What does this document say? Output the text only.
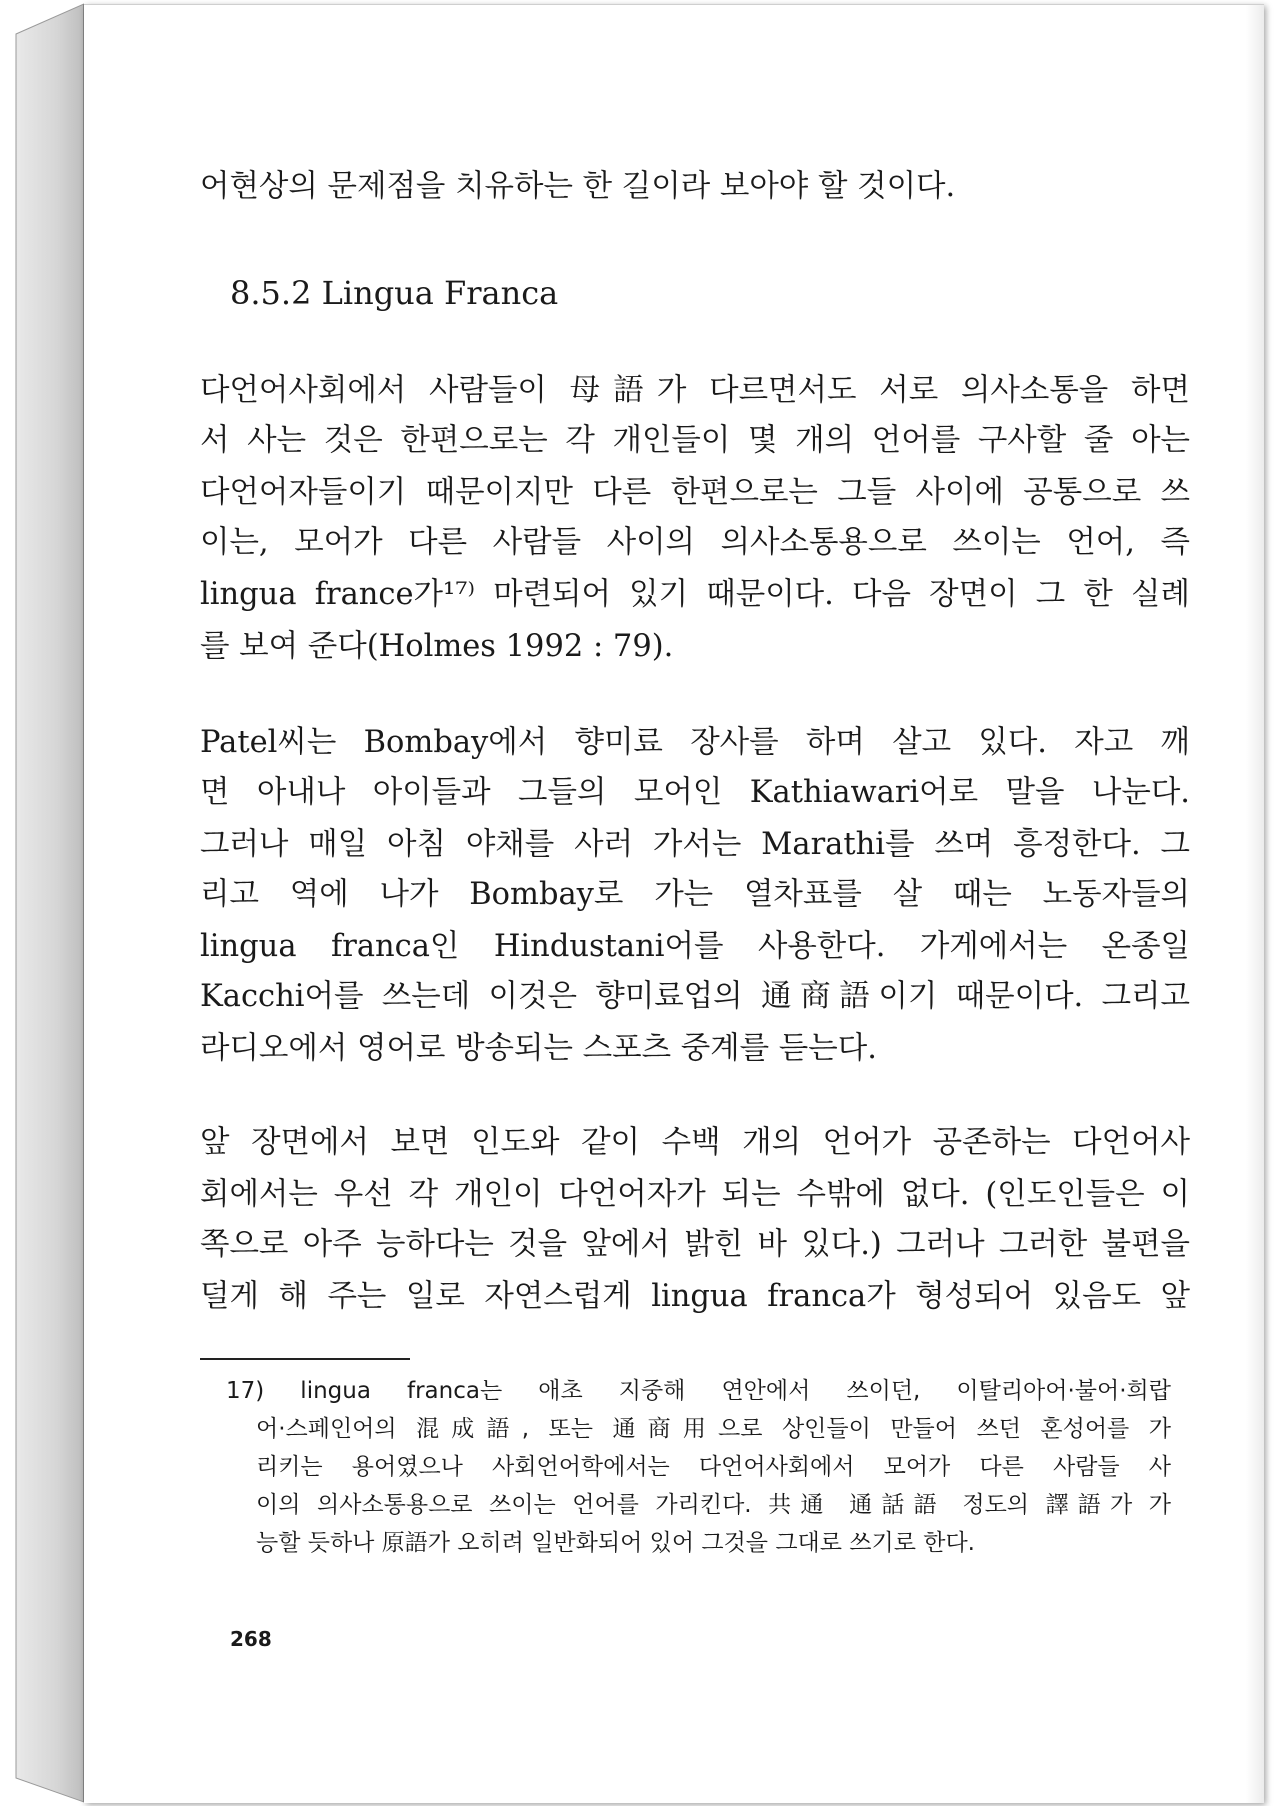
어현상의 문제점을 치유하는 한 길이라 보아야 할 것이다.
8.5.2 Lingua Franca
다언어사회에서 사람들이 母語가 다르면서도 서로 의사소통을 하면
서 사는 것은 한편으로는 각 개인들이 몇 개의 언어를 구사할 줄 아는
다언어자들이기 때문이지만 다른 한편으로는 그들 사이에 공통으로 쓰
이는, 모어가 다른 사람들 사이의 의사소통용으로 쓰이는 언어, 즉
lingua france가¹⁷⁾ 마련되어 있기 때문이다. 다음 장면이 그 한 실례
를 보여 준다(Holmes 1992 : 79).
Patel씨는 Bombay에서 향미료 장사를 하며 살고 있다. 자고 깨
면 아내나 아이들과 그들의 모어인 Kathiawari어로 말을 나눈다.
그러나 매일 아침 야채를 사러 가서는 Marathi를 쓰며 흥정한다. 그
리고 역에 나가 Bombay로 가는 열차표를 살 때는 노동자들의
lingua franca인 Hindustani어를 사용한다. 가게에서는 온종일
Kacchi어를 쓰는데 이것은 향미료업의 通商語이기 때문이다. 그리고
라디오에서 영어로 방송되는 스포츠 중계를 듣는다.
앞 장면에서 보면 인도와 같이 수백 개의 언어가 공존하는 다언어사
회에서는 우선 각 개인이 다언어자가 되는 수밖에 없다. (인도인들은 이
쪽으로 아주 능하다는 것을 앞에서 밝힌 바 있다.) 그러나 그러한 불편을
덜게 해 주는 일로 자연스럽게 lingua franca가 형성되어 있음도 앞
17) lingua franca는 애초 지중해 연안에서 쓰이던, 이탈리아어·불어·희랍
어·스페인어의 混成語, 또는 通商用으로 상인들이 만들어 쓰던 혼성어를 가
리키는 용어였으나 사회언어학에서는 다언어사회에서 모어가 다른 사람들 사
이의 의사소통용으로 쓰이는 언어를 가리킨다. 共通 通話語 정도의 譯語가 가
능할 듯하나 原語가 오히려 일반화되어 있어 그것을 그대로 쓰기로 한다.
268
